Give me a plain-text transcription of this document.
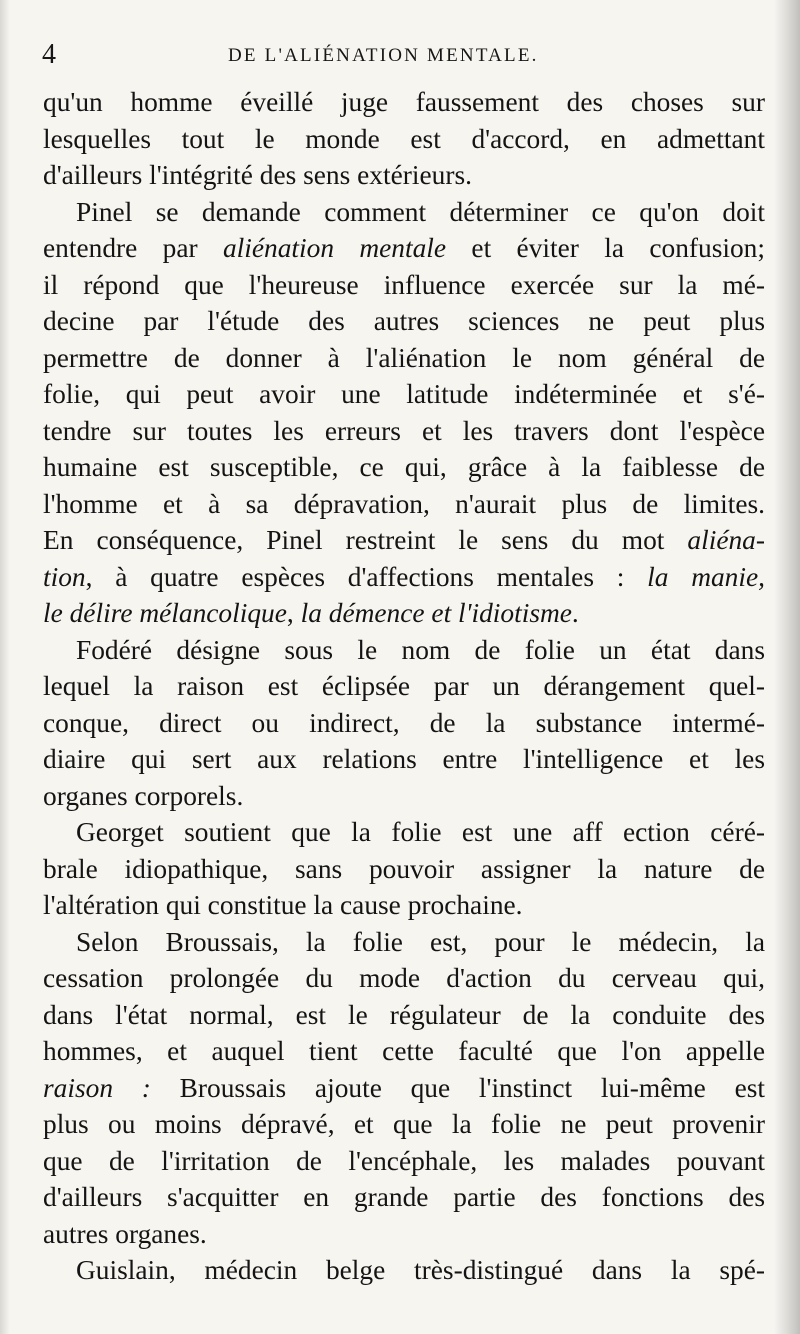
4	DE L'ALIÉNATION MENTALE.
qu'un homme éveillé juge faussement des choses sur
lesquelles tout le monde est d'accord, en admettant
d'ailleurs l'intégrité des sens extérieurs.
Pinel se demande comment déterminer ce qu'on doit
entendre par aliénation mentale et éviter la confusion;
il répond que l'heureuse influence exercée sur la mé-
decine par l'étude des autres sciences ne peut plus
permettre de donner à l'aliénation le nom général de
folie, qui peut avoir une latitude indéterminée et s'é-
tendre sur toutes les erreurs et les travers dont l'espèce
humaine est susceptible, ce qui, grâce à la faiblesse de
l'homme et à sa dépravation, n'aurait plus de limites.
En conséquence, Pinel restreint le sens du mot aliéna-
tion, à quatre espèces d'affections mentales : la manie,
le délire mélancolique, la démence et l'idiotisme.
Fodéré désigne sous le nom de folie un état dans
lequel la raison est éclipsée par un dérangement quel-
conque, direct ou indirect, de la substance intermé-
diaire qui sert aux relations entre l'intelligence et les
organes corporels.
Georget soutient que la folie est une aff ection céré-
brale idiopathique, sans pouvoir assigner la nature de
l'altération qui constitue la cause prochaine.
Selon Broussais, la folie est, pour le médecin, la
cessation prolongée du mode d'action du cerveau qui,
dans l'état normal, est le régulateur de la conduite des
hommes, et auquel tient cette faculté que l'on appelle
raison : Broussais ajoute que l'instinct lui-même est
plus ou moins dépravé, et que la folie ne peut provenir
que de l'irritation de l'encéphale, les malades pouvant
d'ailleurs s'acquitter en grande partie des fonctions des
autres organes.
Guislain, médecin belge très-distingué dans la spé-
